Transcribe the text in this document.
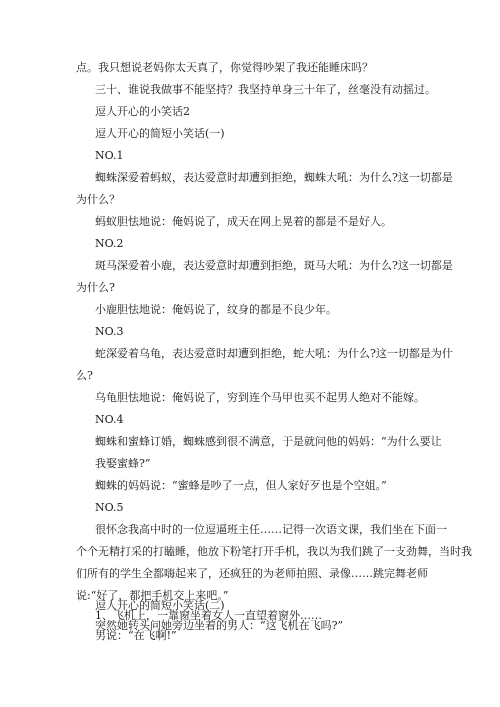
点。我只想说老妈你太天真了，你觉得吵架了我还能睡床吗？
三十、谁说我做事不能坚持？我坚持单身三十年了，丝毫没有动摇过。
逗人开心的小笑话2
逗人开心的简短小笑话(一)
NO.1
蜘蛛深爱着蚂蚁，表达爱意时却遭到拒绝，蜘蛛大吼：为什么?这一切都是
为什么？
蚂蚁胆怯地说：俺妈说了，成天在网上晃着的都是不是好人。
NO.2
斑马深爱着小鹿，表达爱意时却遭到拒绝，斑马大吼：为什么?这一切都是
为什么?
小鹿胆怯地说：俺妈说了，纹身的都是不良少年。
NO.3
蛇深爱着乌龟，表达爱意时却遭到拒绝，蛇大吼：为什么?这一切都是为什
么?
乌龟胆怯地说：俺妈说了，穷到连个马甲也买不起男人绝对不能嫁。
NO.4
蜘蛛和蜜蜂订婚，蜘蛛感到很不满意，于是就问他的妈妈：“为什么要让
我娶蜜蜂?”
蜘蛛的妈妈说：“蜜蜂是吵了一点，但人家好歹也是个空姐。”
NO.5
很怀念我高中时的一位逗逼班主任……记得一次语文课，我们坐在下面一
个个无精打采的打瞌睡，他放下粉笔打开手机，我以为我们跳了一支劲舞，当时我
们所有的学生全都嗨起来了，还疯狂的为老师拍照、录像……跳完舞老师
说:“好了，都把手机交上来吧。”
逗人开心的简短小笑话(二)
1、飞机上，一靠窗坐着女人一直望着窗外……
突然她转头问她旁边坐着的男人：“这飞机在飞吗?”
男说：“在飞啊!”
